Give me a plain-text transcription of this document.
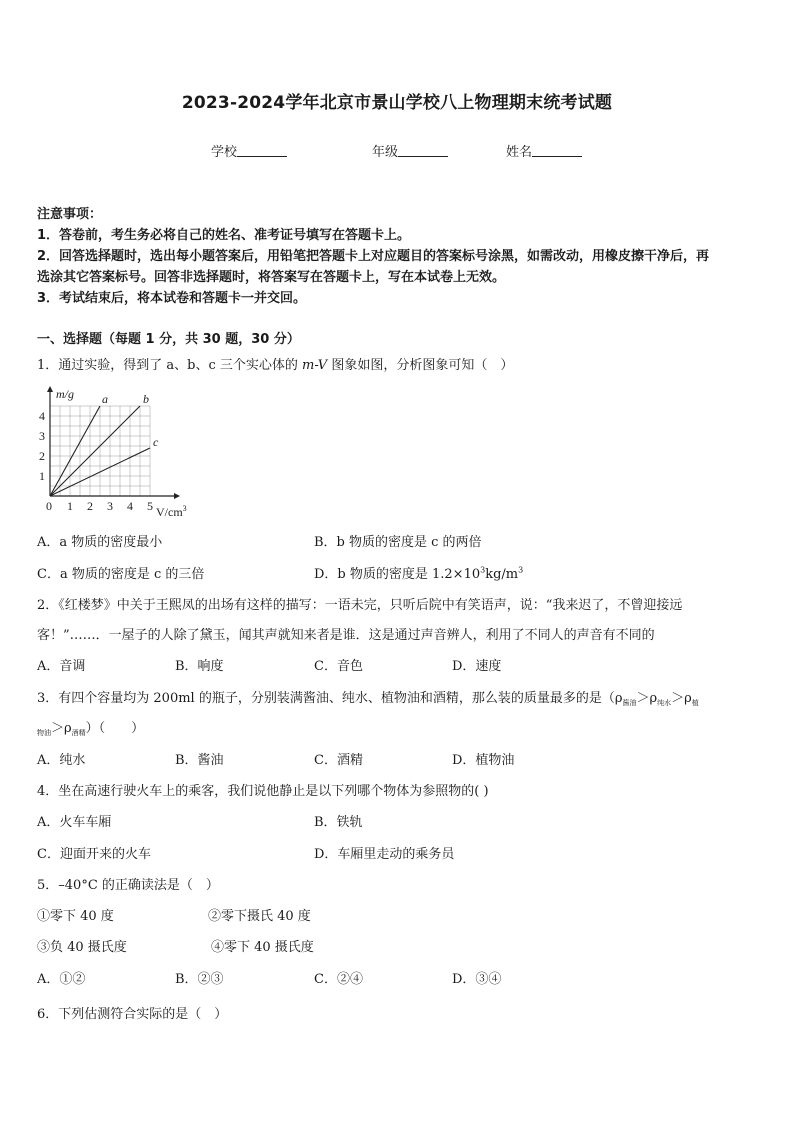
2023-2024学年北京市景山学校八上物理期末统考试题
学校	年级	姓名
注意事项：
1．答卷前，考生务必将自己的姓名、准考证号填写在答题卡上。
2．回答选择题时，选出每小题答案后，用铅笔把答题卡上对应题目的答案标号涂黑，如需改动，用橡皮擦干净后，再
选涂其它答案标号。回答非选择题时，将答案写在答题卡上，写在本试卷上无效。
3．考试结束后，将本试卷和答题卡一并交回。
一、选择题（每题 1 分，共 30 题，30 分）
1．通过实验，得到了 a、b、c 三个实心体的 m-V 图象如图，分析图象可知（　）
0 1 2 3 4 5
1
2
3
4
a	b
c
m/g
$V/cm^3$
A．a 物质的密度最小	B．b 物质的密度是 c 的两倍
C．a 物质的密度是 c 的三倍	D．b 物质的密度是 $1.2\times 10^3kg/m^3$
2．《红楼梦》中关于王熙凤的出场有这样的描写：一语未完，只听后院中有笑语声，说：“我来迟了，不曾迎接远
客！”……．一屋子的人除了黛玉，闻其声就知来者是谁．这是通过声音辨人，利用了不同人的声音有不同的
A．音调	B．响度	C．音色	D．速度
3．有四个容量均为 200ml 的瓶子，分别装满酱油、纯水、植物油和酒精，那么装的质量最多的是（$\rho_{酱油}>\rho_{纯水}>\rho_植$
$_{物油}>\rho_{酒精}$）（　　）
A．纯水	B．酱油	C．酒精	D．植物油
4．坐在高速行驶火车上的乘客，我们说他静止是以下列哪个物体为参照物的( )
A．火车车厢	B．铁轨
C．迎面开来的火车	D．车厢里走动的乘务员
5．–40°C 的正确读法是（　）
①零下 40 度	②零下摄氏 40 度
③负 40 摄氏度	④零下 40 摄氏度
A．①②	B．②③	C．②④	D．③④
6．下列估测符合实际的是（　）
